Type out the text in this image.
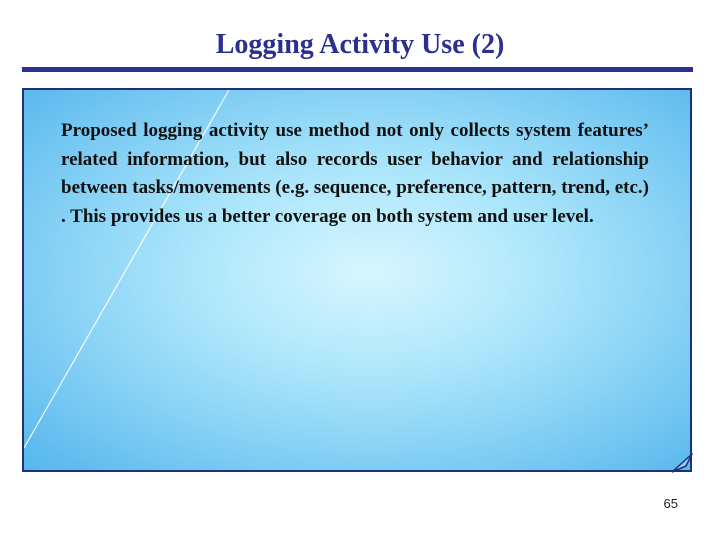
Logging Activity Use (2)

Proposed logging activity use method not only collects system features’ related information, but also records user behavior and relationship between tasks/movements (e.g. sequence, preference, pattern, trend, etc.) . This provides us a better coverage on both system and user level.

65
